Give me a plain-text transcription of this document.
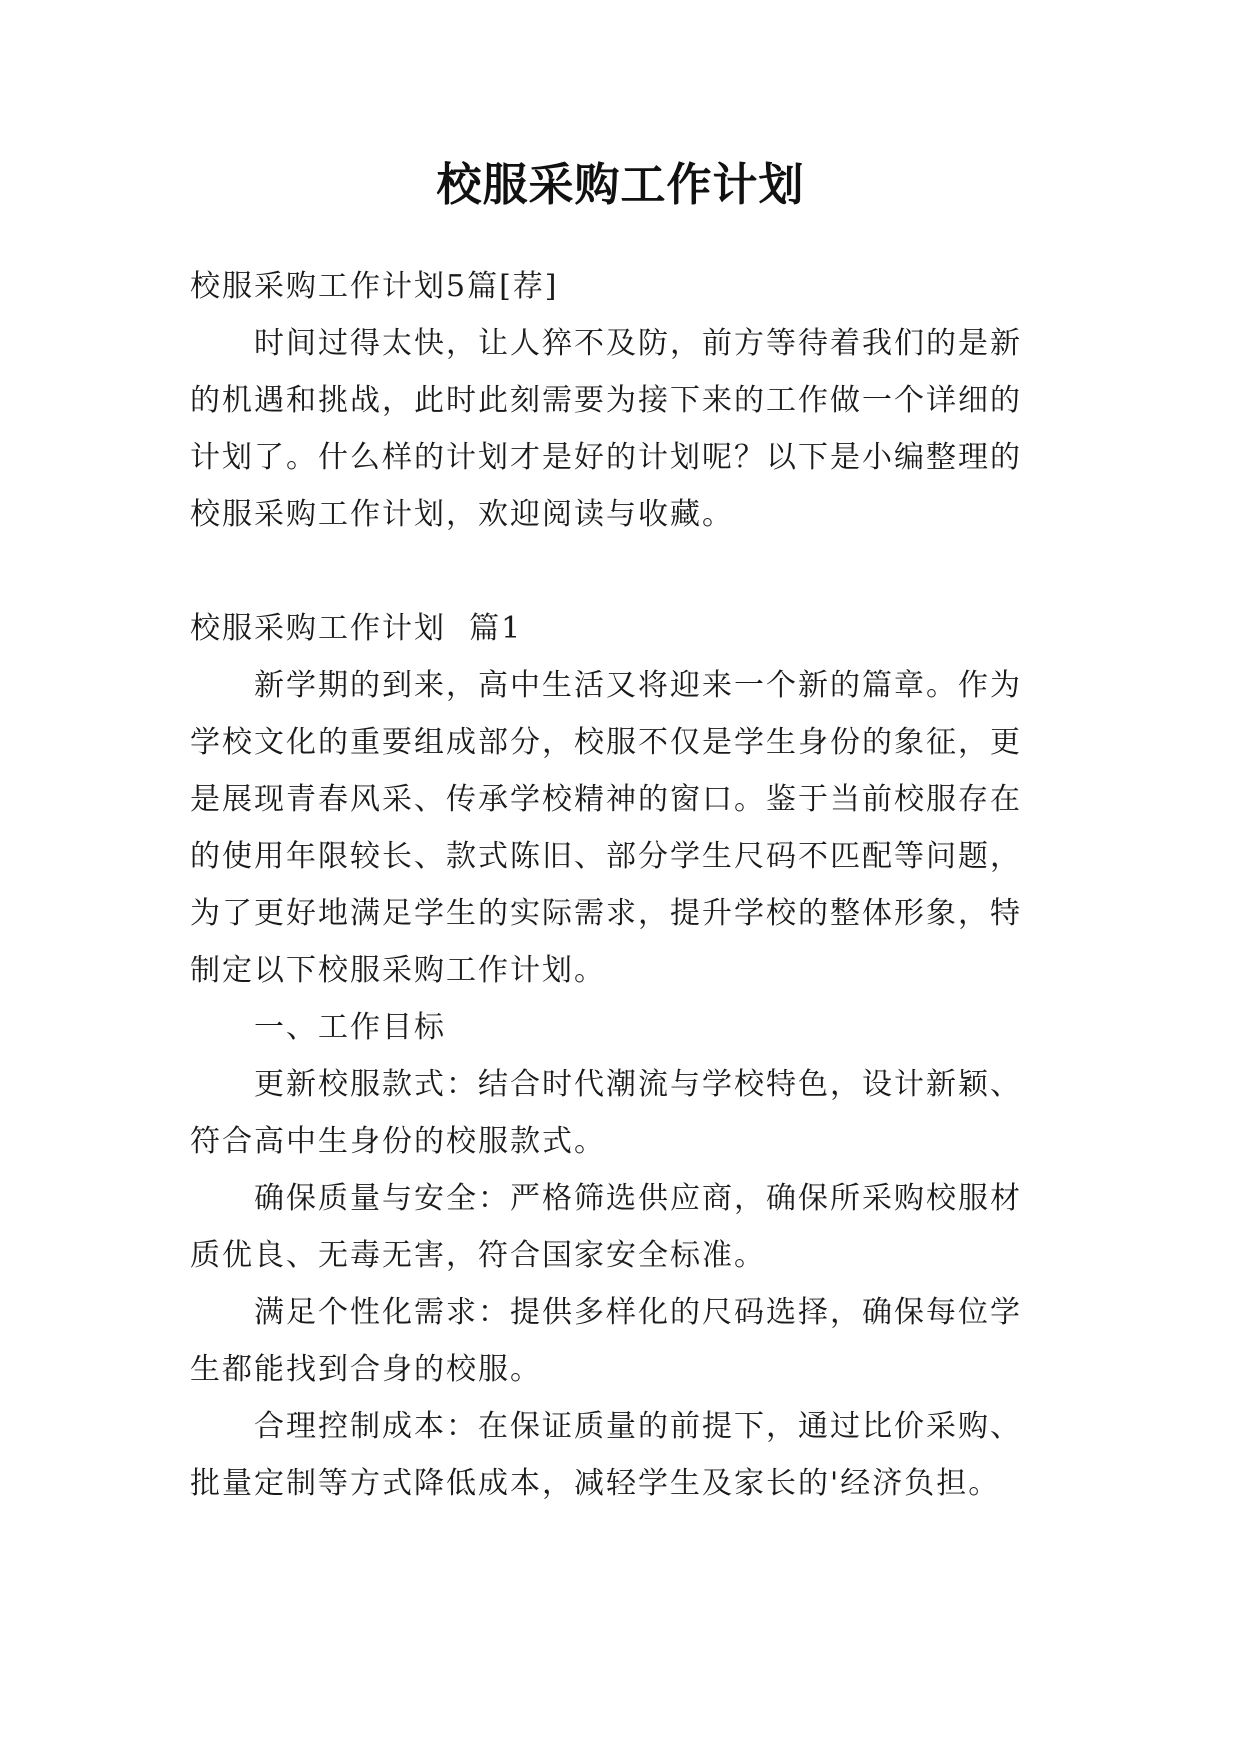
校服采购工作计划

校服采购工作计划5篇[荐]

时间过得太快，让人猝不及防，前方等待着我们的是新
的机遇和挑战，此时此刻需要为接下来的工作做一个详细的
计划了。什么样的计划才是好的计划呢？以下是小编整理的
校服采购工作计划，欢迎阅读与收藏。

校服采购工作计划  篇1

新学期的到来，高中生活又将迎来一个新的篇章。作为
学校文化的重要组成部分，校服不仅是学生身份的象征，更
是展现青春风采、传承学校精神的窗口。鉴于当前校服存在
的使用年限较长、款式陈旧、部分学生尺码不匹配等问题，
为了更好地满足学生的实际需求，提升学校的整体形象，特
制定以下校服采购工作计划。

一、工作目标

更新校服款式：结合时代潮流与学校特色，设计新颖、
符合高中生身份的校服款式。

确保质量与安全：严格筛选供应商，确保所采购校服材
质优良、无毒无害，符合国家安全标准。

满足个性化需求：提供多样化的尺码选择，确保每位学
生都能找到合身的校服。

合理控制成本：在保证质量的前提下，通过比价采购、
批量定制等方式降低成本，减轻学生及家长的'经济负担。
